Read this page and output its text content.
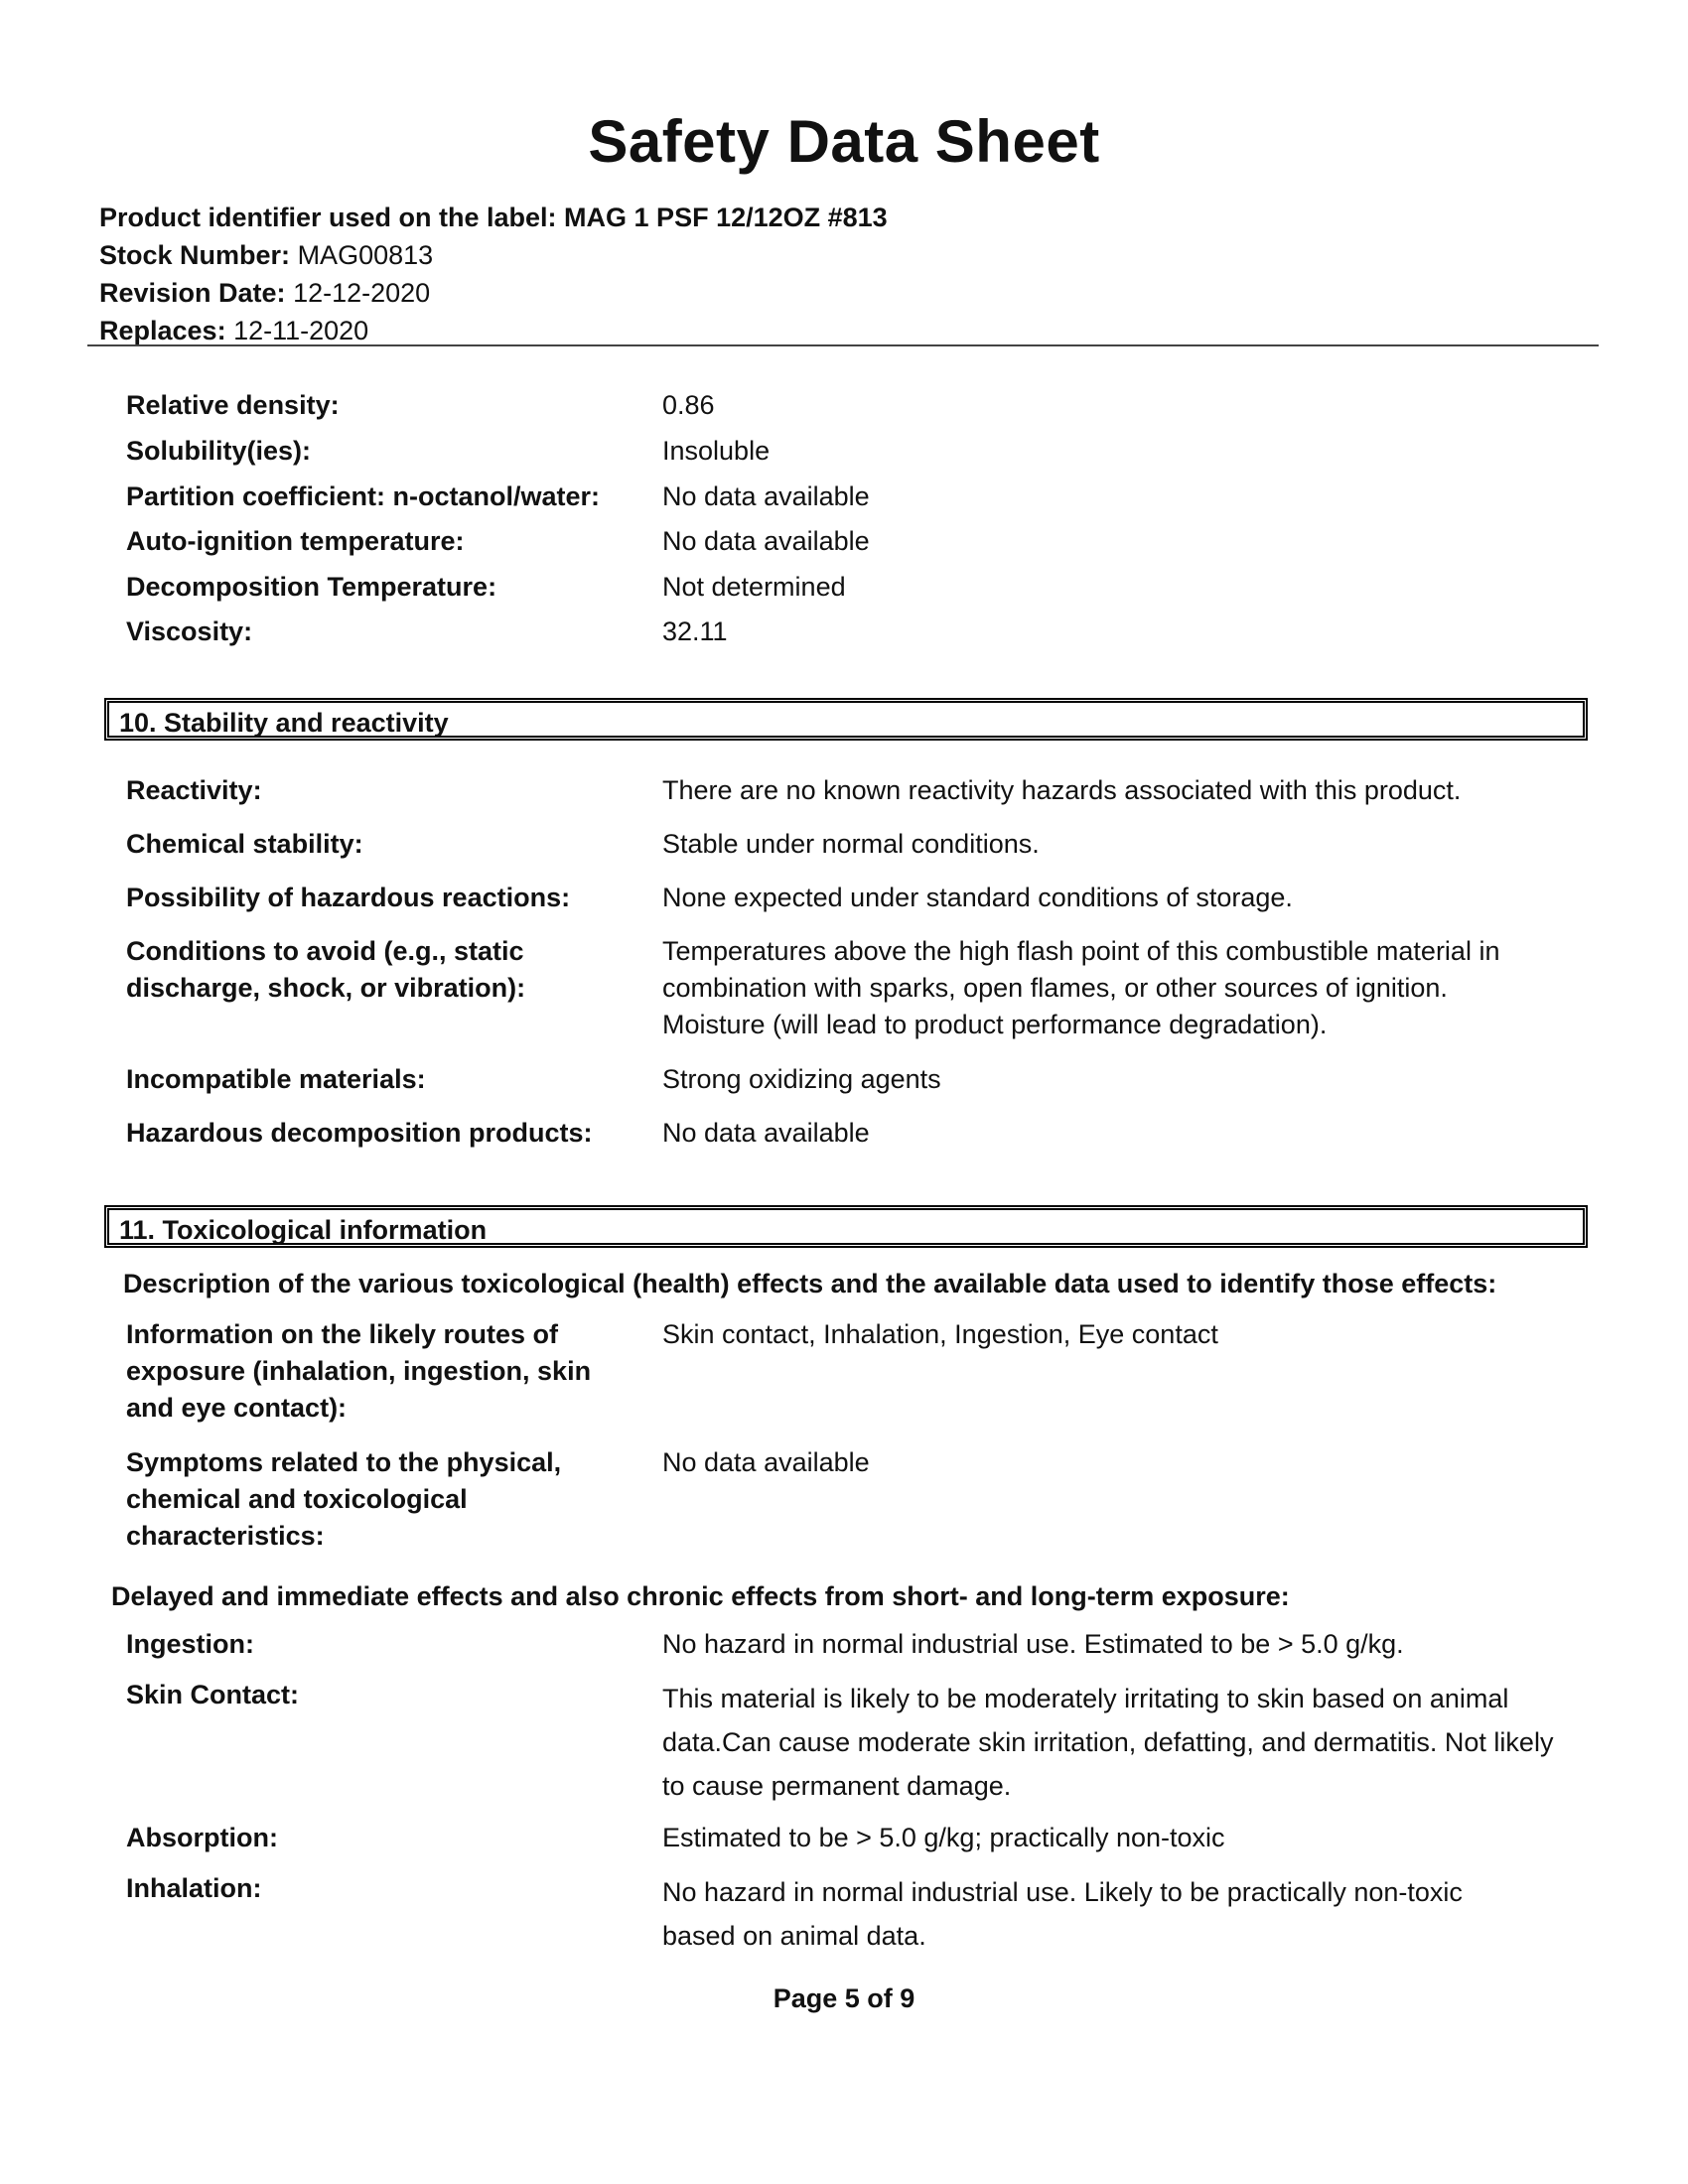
Safety Data Sheet
Product identifier used on the label: MAG 1 PSF 12/12OZ #813
Stock Number: MAG00813
Revision Date: 12-12-2020
Replaces: 12-11-2020
Relative density:	0.86
Solubility(ies):	Insoluble
Partition coefficient: n-octanol/water:	No data available
Auto-ignition temperature:	No data available
Decomposition Temperature:	Not determined
Viscosity:	32.11
10. Stability and reactivity
Reactivity:	There are no known reactivity hazards associated with this product.
Chemical stability:	Stable under normal conditions.
Possibility of hazardous reactions:	None expected under standard conditions of storage.
Conditions to avoid (e.g., static discharge, shock, or vibration):
Temperatures above the high flash point of this combustible material in combination with sparks, open flames, or other sources of ignition. Moisture (will lead to product performance degradation).
Incompatible materials:	Strong oxidizing agents
Hazardous decomposition products:	No data available
11. Toxicological information
Description of the various toxicological (health) effects and the available data used to identify those effects:
Information on the likely routes of exposure (inhalation, ingestion, skin and eye contact):
Skin contact, Inhalation, Ingestion, Eye contact
Symptoms related to the physical, chemical and toxicological characteristics:
No data available
Delayed and immediate effects and also chronic effects from short- and long-term exposure:
Ingestion:	No hazard in normal industrial use. Estimated to be > 5.0 g/kg.
Skin Contact:	This material is likely to be moderately irritating to skin based on animal data.Can cause moderate skin irritation, defatting, and dermatitis. Not likely to cause permanent damage.
Absorption:	Estimated to be > 5.0 g/kg; practically non-toxic
Inhalation:	No hazard in normal industrial use. Likely to be practically non-toxic based on animal data.
Page 5 of 9
